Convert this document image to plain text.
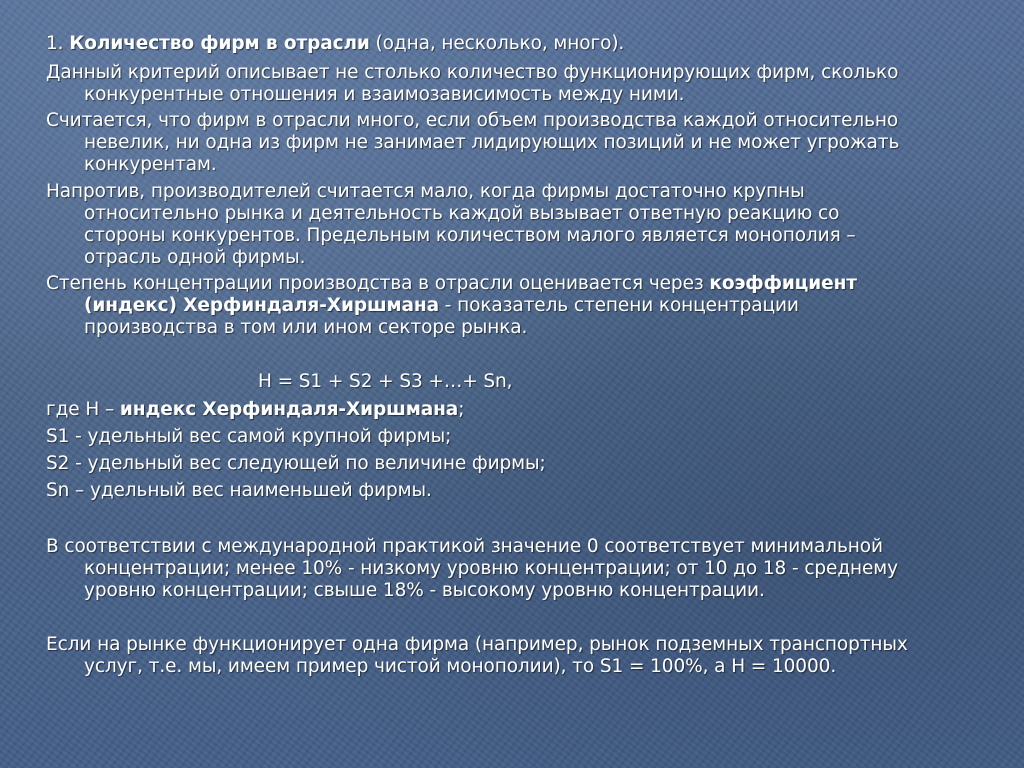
1. Количество фирм в отрасли (одна, несколько, много).
Данный критерий описывает не столько количество функционирующих фирм, сколько
конкурентные отношения и взаимозависимость между ними.
Считается, что фирм в отрасли много, если объем производства каждой относительно
невелик, ни одна из фирм не занимает лидирующих позиций и не может угрожать
конкурентам.
Напротив, производителей считается мало, когда фирмы достаточно крупны
относительно рынка и деятельность каждой вызывает ответную реакцию со
стороны конкурентов. Предельным количеством малого является монополия –
отрасль одной фирмы.
Степень концентрации производства в отрасли оценивается через коэффициент
(индекс) Херфиндаля-Хиршмана - показатель степени концентрации
производства в том или ином секторе рынка.
H = S1 + S2 + S3 +…+ Sn,
где Н – индекс Херфиндаля-Хиршмана;
S1 - удельный вес самой крупной фирмы;
S2 - удельный вес следующей по величине фирмы;
Sn – удельный вес наименьшей фирмы.
В соответствии с международной практикой значение 0 соответствует минимальной
концентрации; менее 10% - низкому уровню концентрации; от 10 до 18 - среднему
уровню концентрации; свыше 18% - высокому уровню концентрации.
Если на рынке функционирует одна фирма (например, рынок подземных транспортных
услуг, т.е. мы, имеем пример чистой монополии), то S1 = 100%, а Н = 10000.
